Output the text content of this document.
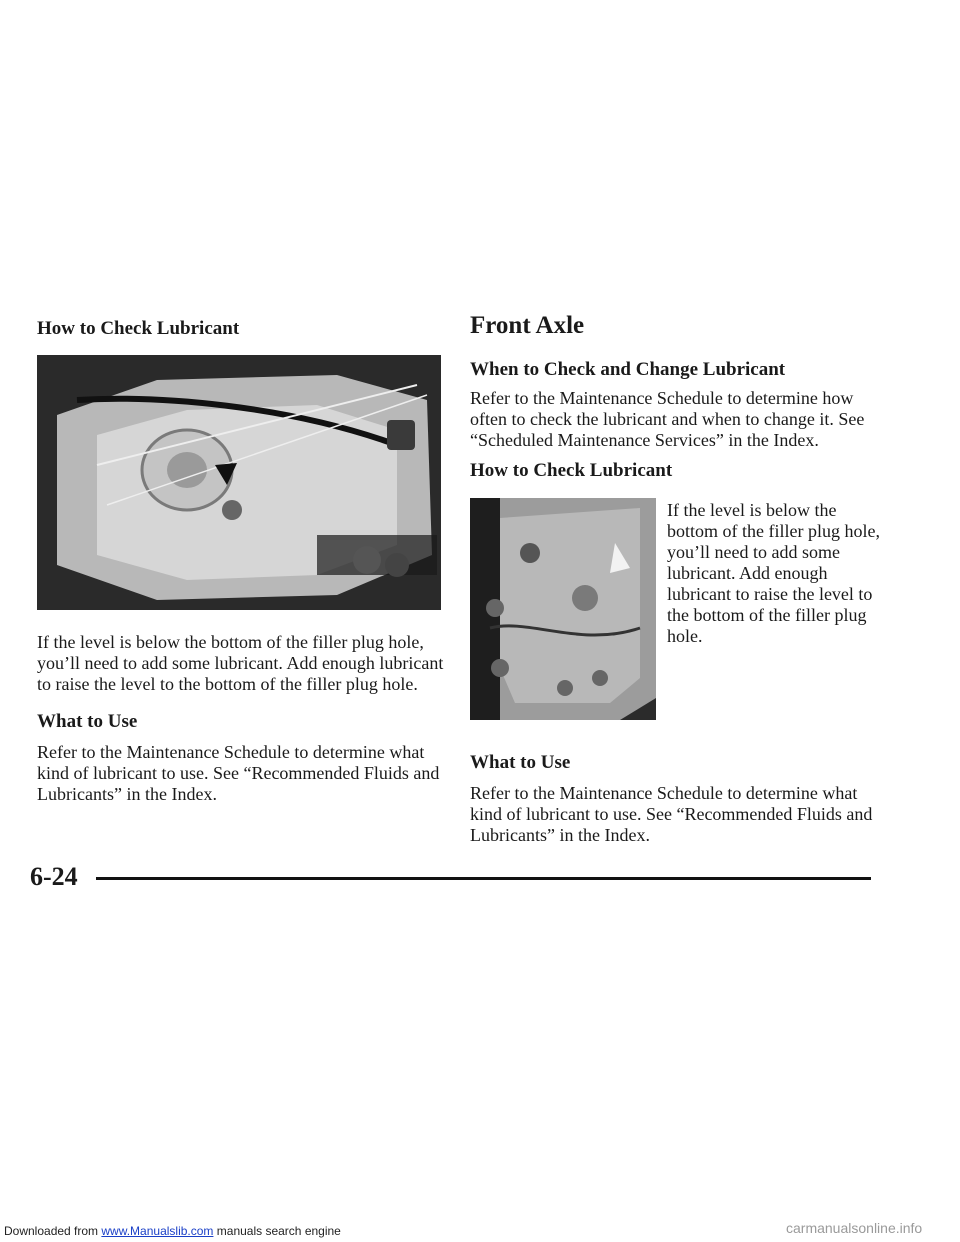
How to Check Lubricant
If the level is below the bottom of the filler plug hole, you’ll need to add some lubricant. Add enough lubricant to raise the level to the bottom of the filler plug hole.
What to Use
Refer to the Maintenance Schedule to determine what kind of lubricant to use. See “Recommended Fluids and Lubricants” in the Index.
Front Axle
When to Check and Change Lubricant
Refer to the Maintenance Schedule to determine how often to check the lubricant and when to change it. See “Scheduled Maintenance Services” in the Index.
How to Check Lubricant
If the level is below the bottom of the filler plug hole, you’ll need to add some lubricant. Add enough lubricant to raise the level to the bottom of the filler plug hole.
What to Use
Refer to the Maintenance Schedule to determine what kind of lubricant to use. See “Recommended Fluids and Lubricants” in the Index.
6-24
Downloaded from www.Manualslib.com manuals search engine	carmanualsonline.info
